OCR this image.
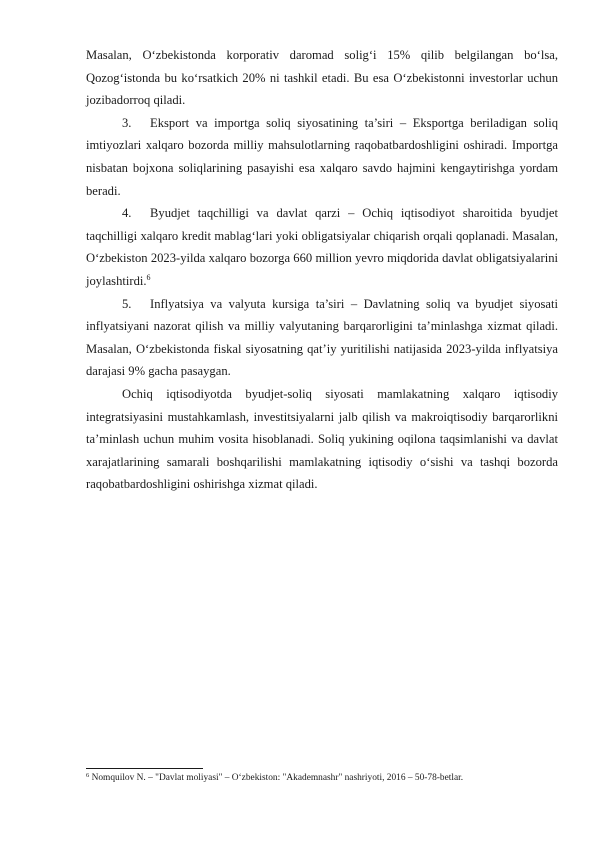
Masalan, O‘zbekistonda korporativ daromad solig‘i 15% qilib belgilangan bo‘lsa, Qozog‘istonda bu ko‘rsatkich 20% ni tashkil etadi. Bu esa O‘zbekistonni investorlar uchun jozibadorroq qiladi.

3. Eksport va importga soliq siyosatining ta’siri – Eksportga beriladigan soliq imtiyozlari xalqaro bozorda milliy mahsulotlarning raqobatbardoshligini oshiradi. Importga nisbatan bojxona soliqlarining pasayishi esa xalqaro savdo hajmini kengaytirishga yordam beradi.

4. Byudjet taqchilligi va davlat qarzi – Ochiq iqtisodiyot sharoitida byudjet taqchilligi xalqaro kredit mablag‘lari yoki obligatsiyalar chiqarish orqali qoplanadi. Masalan, O‘zbekiston 2023-yilda xalqaro bozorga 660 million yevro miqdorida davlat obligatsiyalarini joylashtirdi.$^6$

5. Inflyatsiya va valyuta kursiga ta’siri – Davlatning soliq va byudjet siyosati inflyatsiyani nazorat qilish va milliy valyutaning barqarorligini ta’minlashga xizmat qiladi. Masalan, O‘zbekistonda fiskal siyosatning qat’iy yuritilishi natijasida 2023-yilda inflyatsiya darajasi 9% gacha pasaygan.

Ochiq iqtisodiyotda byudjet-soliq siyosati mamlakatning xalqaro iqtisodiy integratsiyasini mustahkamlash, investitsiyalarni jalb qilish va makroiqtisodiy barqarorlikni ta’minlash uchun muhim vosita hisoblanadi. Soliq yukining oqilona taqsimlanishi va davlat xarajatlarining samarali boshqarilishi mamlakatning iqtisodiy o‘sishi va tashqi bozorda raqobatbardoshligini oshirishga xizmat qiladi.

$^6$ Nomquilov N. – "Davlat moliyasi" – O‘zbekiston: "Akademnashr" nashriyoti, 2016 – 50-78-betlar.
